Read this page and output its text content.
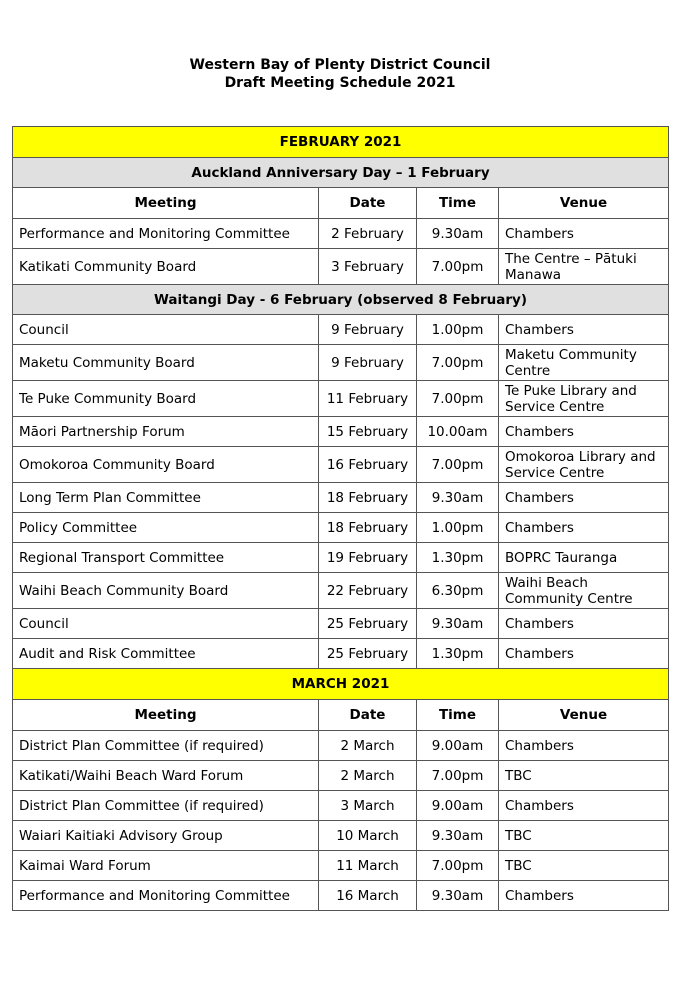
Western Bay of Plenty District Council
Draft Meeting Schedule 2021
FEBRUARY 2021			
Auckland Anniversary Day – 1 February			
Meeting	Date	Time	Venue
Performance and Monitoring Committee	2 February	9.30am	Chambers
Katikati Community Board	3 February	7.00pm	The Centre – Pātuki Manawa
Waitangi Day - 6 February (observed 8 February)			
Council	9 February	1.00pm	Chambers
Maketu Community Board	9 February	7.00pm	Maketu Community Centre
Te Puke Community Board	11 February	7.00pm	Te Puke Library and Service Centre
Māori Partnership Forum	15 February	10.00am	Chambers
Omokoroa Community Board	16 February	7.00pm	Omokoroa Library and Service Centre
Long Term Plan Committee	18 February	9.30am	Chambers
Policy Committee	18 February	1.00pm	Chambers
Regional Transport Committee	19 February	1.30pm	BOPRC Tauranga
Waihi Beach Community Board	22 February	6.30pm	Waihi Beach Community Centre
Council	25 February	9.30am	Chambers
Audit and Risk Committee	25 February	1.30pm	Chambers
MARCH 2021			
Meeting	Date	Time	Venue
District Plan Committee (if required)	2 March	9.00am	Chambers
Katikati/Waihi Beach Ward Forum	2 March	7.00pm	TBC
District Plan Committee (if required)	3 March	9.00am	Chambers
Waiari Kaitiaki Advisory Group	10 March	9.30am	TBC
Kaimai Ward Forum	11 March	7.00pm	TBC
Performance and Monitoring Committee	16 March	9.30am	Chambers
